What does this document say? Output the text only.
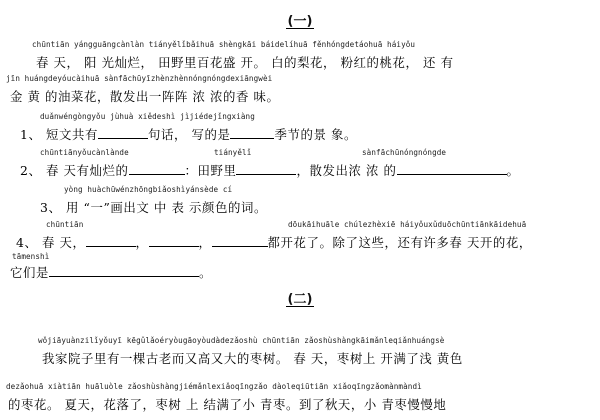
(一)
chūntiān yángguāngcànlàn tiányělǐbǎihuā shèngkāi báidelíhuā fěnhóngdetáohuā háiyǒu
春 天， 阳 光灿烂， 田野里百花盛 开。 白的梨花， 粉红的桃花， 还 有
jīn huángdeyóucàihuā sànfāchūyīzhènzhènnóngnóngdexiāngwèi
金 黄 的油菜花，散发出一阵阵 浓 浓的香 味。
duǎnwéngòngyǒu jùhuà xiědeshì jìjiédejǐngxiàng
1、 短文共有	句话， 写的是	季节的景 象。
chūntiānyǒucànlànde	tiányělǐ	sànfāchūnóngnóngde
2、 春 天有灿烂的	：田野里	，散发出浓 浓 的	。
yòng huàchūwénzhōngbiǎoshìyánsède cí
3、 用 “一”画出文 中 表 示颜色的词。
chūntiān	dōukāihuāle chúlezhèxiē háiyǒuxǔduōchūntiānkāidehuā
4、 春 天，	，	，	都开花了。除了这些，还有许多春 天开的花，
tāmenshì
它们是	。
(二)
wǒjiāyuànzilǐyǒuyī kēgǔlǎoéryòugāoyòudàdezǎoshù chūntiān zǎoshùshàngkāimǎnleqiǎnhuángsè
我家院子里有一棵古老而又高又大的枣树。 春 天，枣树上 开满了浅 黄色
dezǎohuā xiàtiān huāluòle zǎoshùshàngjiémǎnlexiǎoqīngzǎo dàoleqiūtiān xiǎoqīngzǎomànmàndì
的枣花。 夏天，花落了，枣树 上 结满了小 青枣。到了秋天，小 青枣慢慢地
